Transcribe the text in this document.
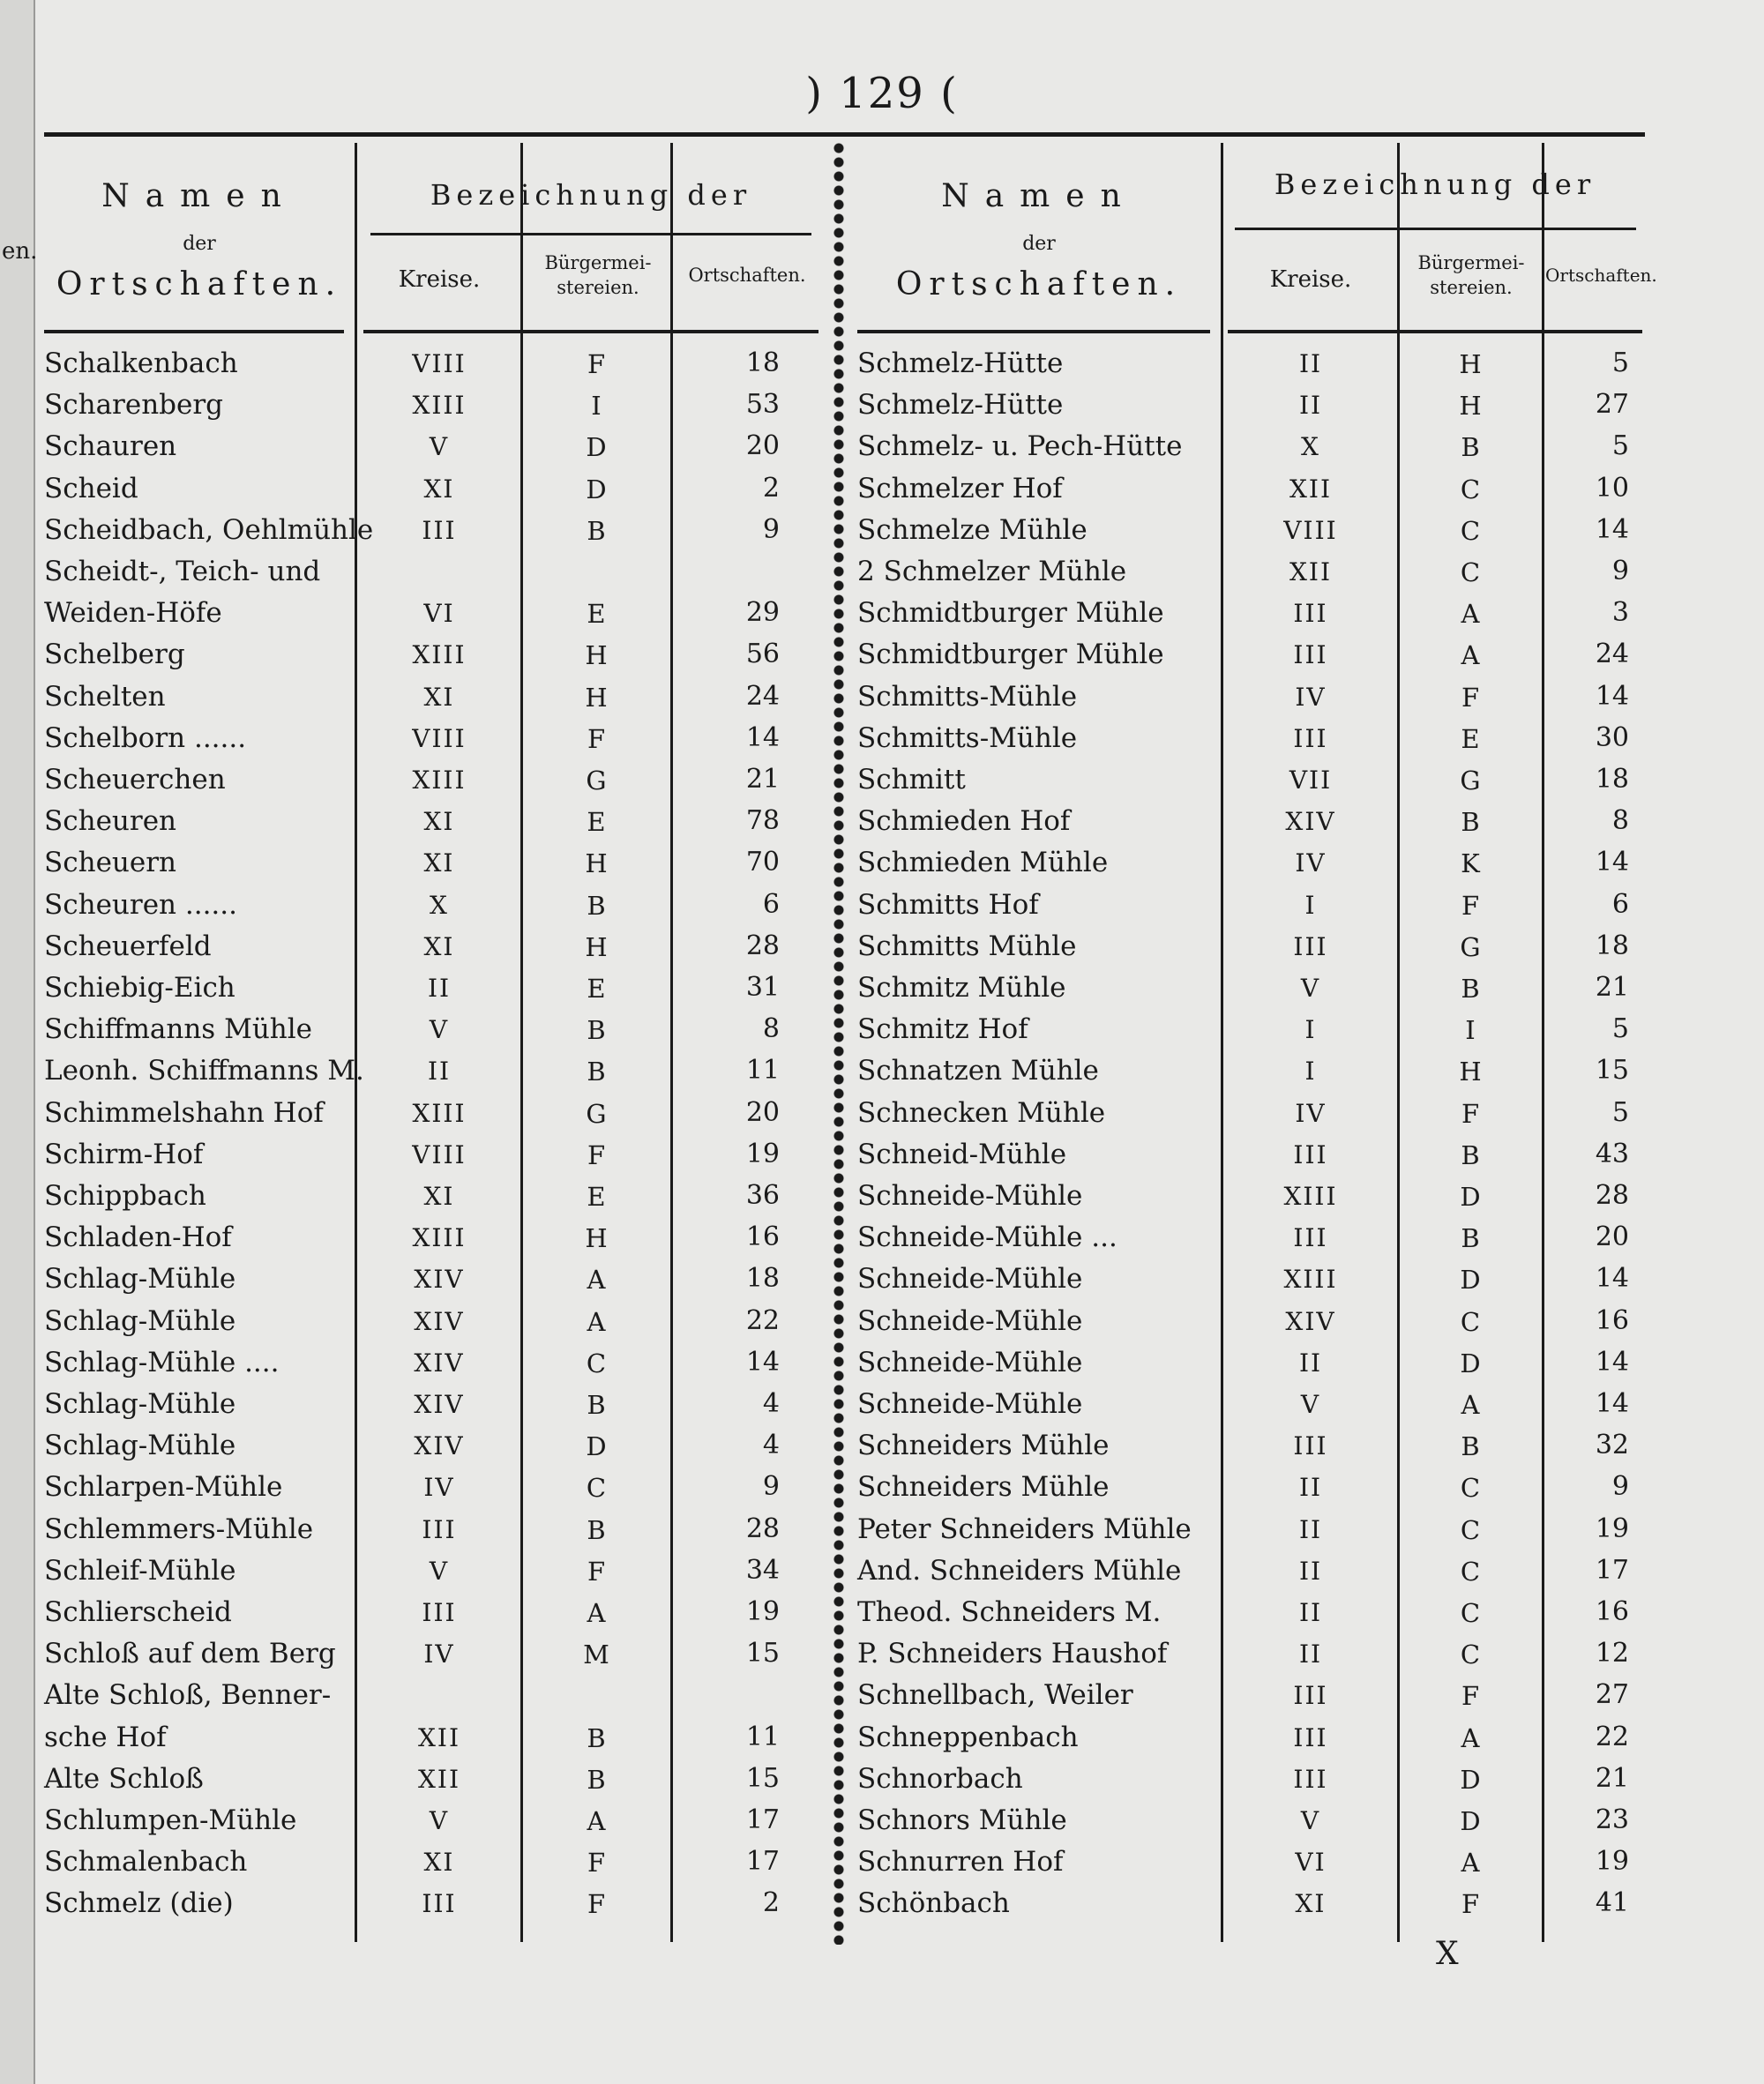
en.
) 129 (
Namen
der
Ortschaften.
Bezeichnung der
Kreise.
Bürgermei- stereien.
Ortschaften.
Schalkenbach	VIII	F	18
Scharenberg	XIII	I	53
Schauren	V	D	20
Scheid	XI	D	2
Scheidbach, Oehlmühle	III	B	9
Scheidt-, Teich- und
Weiden-Höfe	VI	E	29
Schelberg	XIII	H	56
Schelten	XI	H	24
Schelborn ......	VIII	F	14
Scheuerchen	XIII	G	21
Scheuren	XI	E	78
Scheuern	XI	H	70
Scheuren ......	X	B	6
Scheuerfeld	XI	H	28
Schiebig-Eich	II	E	31
Schiffmanns Mühle	V	B	8
Leonh. Schiffmanns M.	II	B	11
Schimmelshahn Hof	XIII	G	20
Schirm-Hof	VIII	F	19
Schippbach	XI	E	36
Schladen-Hof	XIII	H	16
Schlag-Mühle	XIV	A	18
Schlag-Mühle	XIV	A	22
Schlag-Mühle ....	XIV	C	14
Schlag-Mühle	XIV	B	4
Schlag-Mühle	XIV	D	4
Schlarpen-Mühle	IV	C	9
Schlemmers-Mühle	III	B	28
Schleif-Mühle	V	F	34
Schlierscheid	III	A	19
Schloß auf dem Berg	IV	M	15
Alte Schloß, Benner-
sche Hof	XII	B	11
Alte Schloß	XII	B	15
Schlumpen-Mühle	V	A	17
Schmalenbach	XI	F	17
Schmelz (die)	III	F	2
Namen
der
Ortschaften.
Bezeichnung der
Kreise.
Bürgermei- stereien.
Ortschaften.
Schmelz-Hütte	II	H	5
Schmelz-Hütte	II	H	27
Schmelz- u. Pech-Hütte	X	B	5
Schmelzer Hof	XII	C	10
Schmelze Mühle	VIII	C	14
2 Schmelzer Mühle	XII	C	9
Schmidtburger Mühle	III	A	3
Schmidtburger Mühle	III	A	24
Schmitts-Mühle	IV	F	14
Schmitts-Mühle	III	E	30
Schmitt	VII	G	18
Schmieden Hof	XIV	B	8
Schmieden Mühle	IV	K	14
Schmitts Hof	I	F	6
Schmitts Mühle	III	G	18
Schmitz Mühle	V	B	21
Schmitz Hof	I	I	5
Schnatzen Mühle	I	H	15
Schnecken Mühle	IV	F	5
Schneid-Mühle	III	B	43
Schneide-Mühle	XIII	D	28
Schneide-Mühle ...	III	B	20
Schneide-Mühle	XIII	D	14
Schneide-Mühle	XIV	C	16
Schneide-Mühle	II	D	14
Schneide-Mühle	V	A	14
Schneiders Mühle	III	B	32
Schneiders Mühle	II	C	9
Peter Schneiders Mühle	II	C	19
And. Schneiders Mühle	II	C	17
Theod. Schneiders M.	II	C	16
P. Schneiders Haushof	II	C	12
Schnellbach, Weiler	III	F	27
Schneppenbach	III	A	22
Schnorbach	III	D	21
Schnors Mühle	V	D	23
Schnurren Hof	VI	A	19
Schönbach	XI	F	41
X
